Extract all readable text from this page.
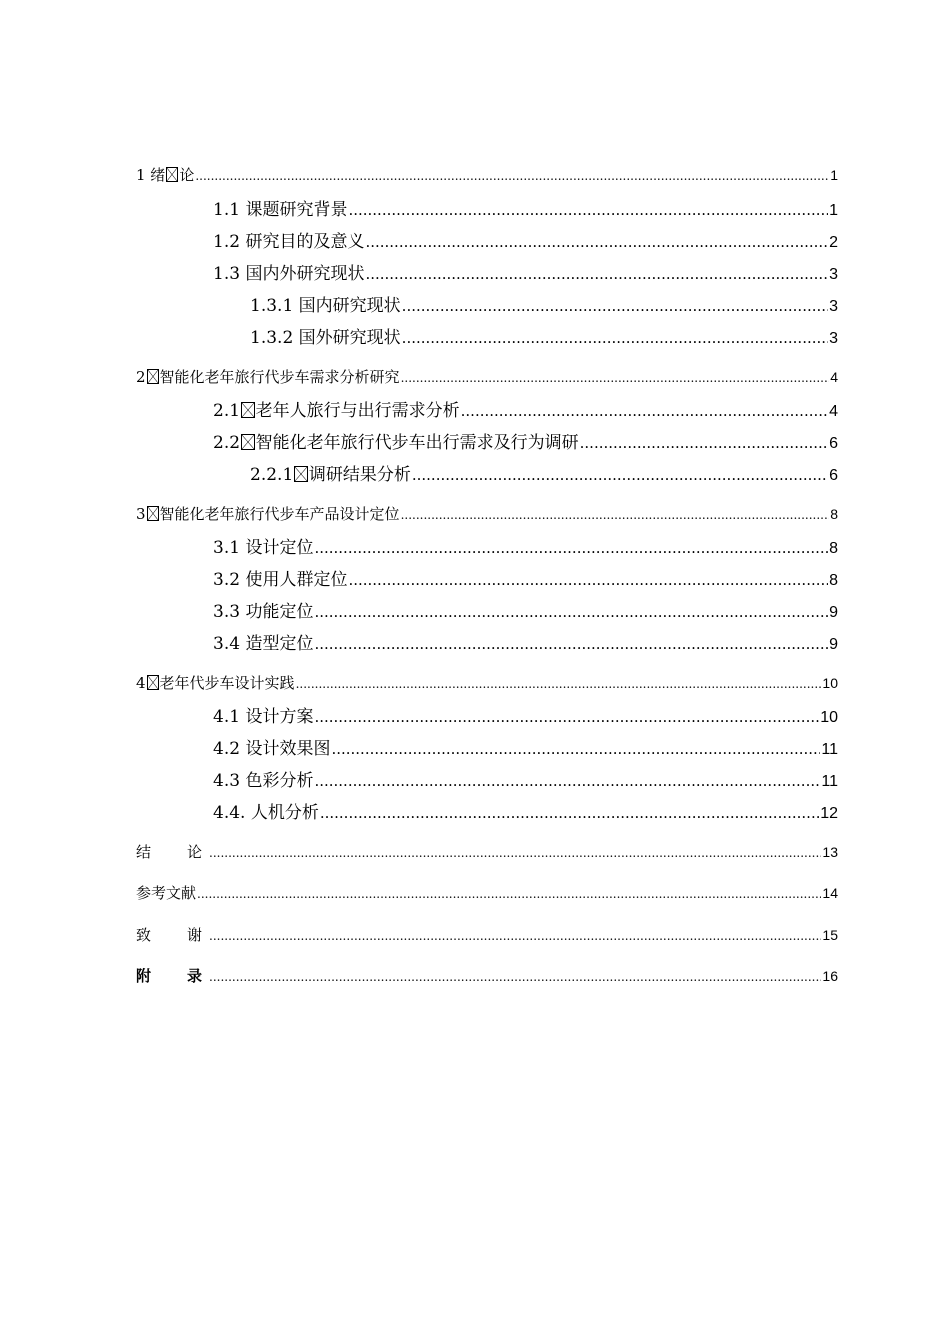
1 绪 论 .....	1
1.1 课题研究背景 .....	1
1.2 研究目的及意义 .....	2
1.3 国内外研究现状 .....	3
1.3.1 国内研究现状 .....	3
1.3.2 国外研究现状 .....	3
2 智能化老年旅行代步车需求分析研究 .....	4
2.1 老年人旅行与出行需求分析 .....	4
2.2 智能化老年旅行代步车出行需求及行为调研 .....	6
2.2.1 调研结果分析 .....	6
3 智能化老年旅行代步车产品设计定位 .....	8
3.1 设计定位 .....	8
3.2 使用人群定位 .....	8
3.3 功能定位 .....	9
3.4 造型定位 .....	9
4 老年代步车设计实践 .....	10
4.1 设计方案 .....	10
4.2 设计效果图 .....	11
4.3 色彩分析 .....	11
4.4. 人机分析 .....	12
结 论 .....	13
参考文献 .....	14
致 谢 .....	15
附 录 .....	16
